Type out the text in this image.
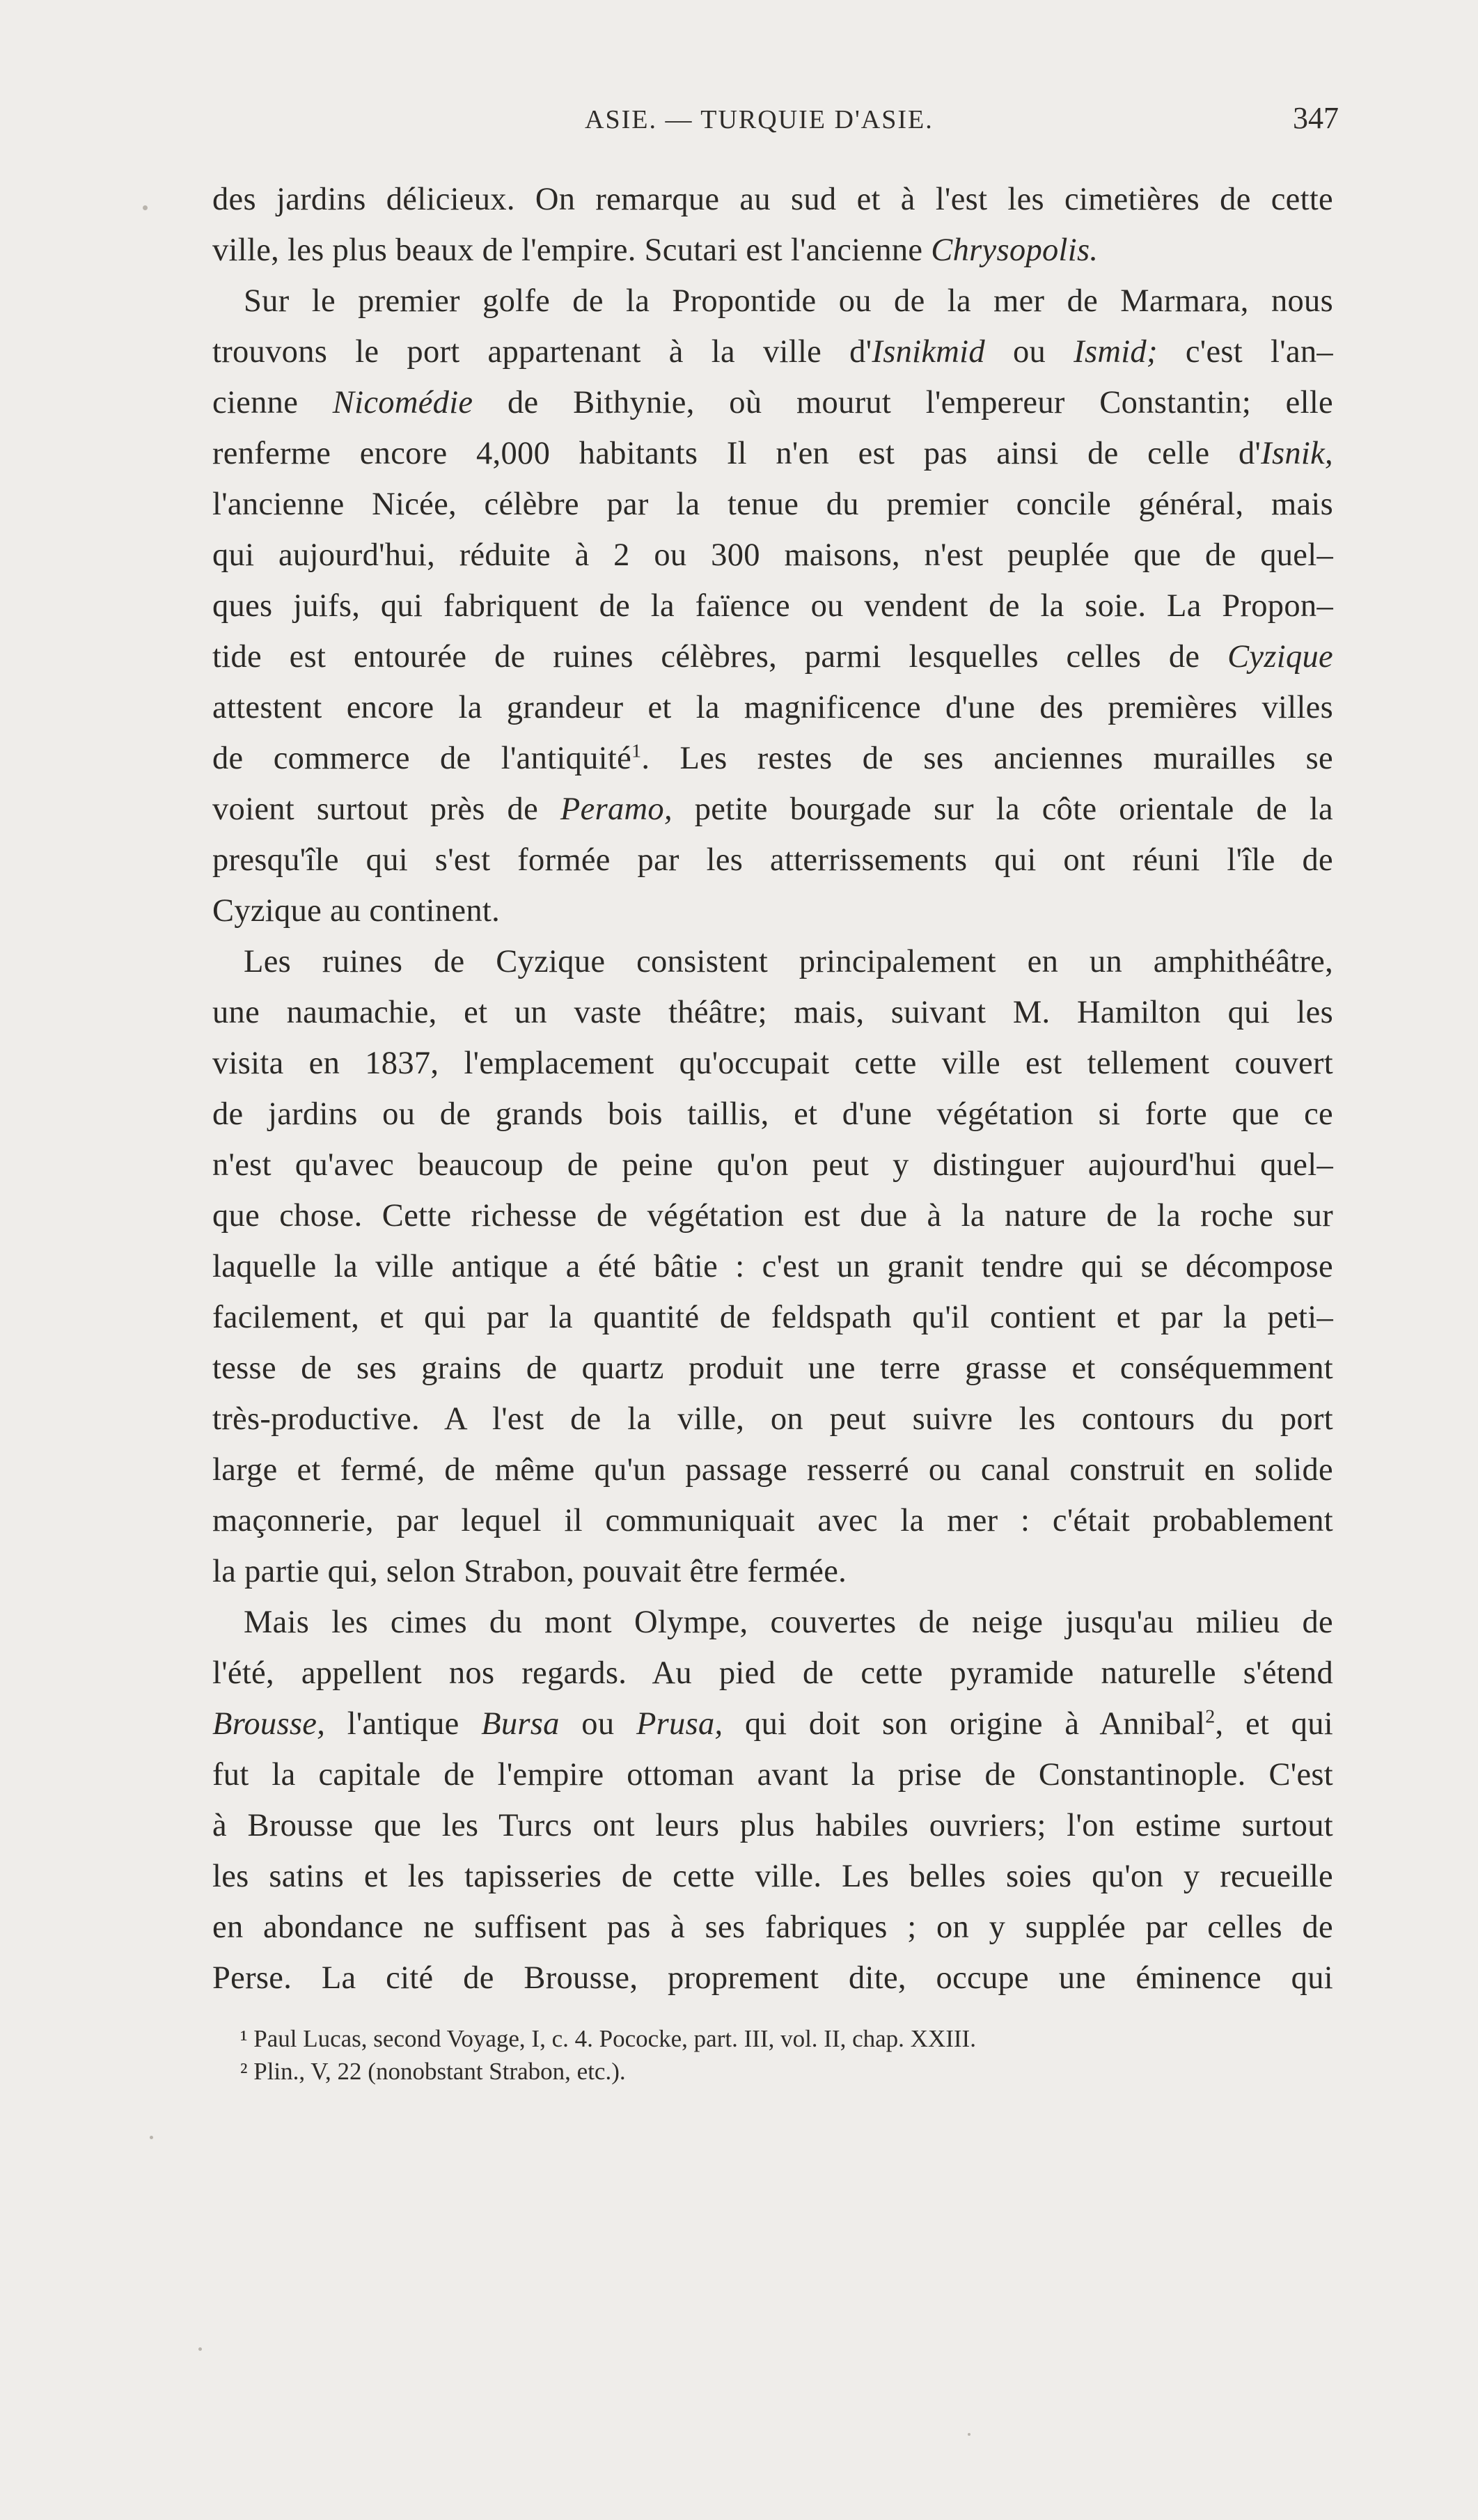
ASIE. — TURQUIE D'ASIE.	347
des jardins délicieux. On remarque au sud et à l'est les cimetières de cette
ville, les plus beaux de l'empire. Scutari est l'ancienne Chrysopolis.
Sur le premier golfe de la Propontide ou de la mer de Marmara, nous
trouvons le port appartenant à la ville d'Isnikmid ou Ismid; c'est l'an–
cienne Nicomédie de Bithynie, où mourut l'empereur Constantin; elle
renferme encore 4,000 habitants Il n'en est pas ainsi de celle d'Isnik,
l'ancienne Nicée, célèbre par la tenue du premier concile général, mais
qui aujourd'hui, réduite à 2 ou 300 maisons, n'est peuplée que de quel–
ques juifs, qui fabriquent de la faïence ou vendent de la soie. La Propon–
tide est entourée de ruines célèbres, parmi lesquelles celles de Cyzique
attestent encore la grandeur et la magnificence d'une des premières villes
de commerce de l'antiquité$^1$. Les restes de ses anciennes murailles se
voient surtout près de Peramo, petite bourgade sur la côte orientale de la
presqu'île qui s'est formée par les atterrissements qui ont réuni l'île de
Cyzique au continent.
Les ruines de Cyzique consistent principalement en un amphithéâtre,
une naumachie, et un vaste théâtre; mais, suivant M. Hamilton qui les
visita en 1837, l'emplacement qu'occupait cette ville est tellement couvert
de jardins ou de grands bois taillis, et d'une végétation si forte que ce
n'est qu'avec beaucoup de peine qu'on peut y distinguer aujourd'hui quel–
que chose. Cette richesse de végétation est due à la nature de la roche sur
laquelle la ville antique a été bâtie : c'est un granit tendre qui se décompose
facilement, et qui par la quantité de feldspath qu'il contient et par la peti–
tesse de ses grains de quartz produit une terre grasse et conséquemment
très-productive. A l'est de la ville, on peut suivre les contours du port
large et fermé, de même qu'un passage resserré ou canal construit en solide
maçonnerie, par lequel il communiquait avec la mer : c'était probablement
la partie qui, selon Strabon, pouvait être fermée.
Mais les cimes du mont Olympe, couvertes de neige jusqu'au milieu de
l'été, appellent nos regards. Au pied de cette pyramide naturelle s'étend
Brousse, l'antique Bursa ou Prusa, qui doit son origine à Annibal$^2$, et qui
fut la capitale de l'empire ottoman avant la prise de Constantinople. C'est
à Brousse que les Turcs ont leurs plus habiles ouvriers; l'on estime surtout
les satins et les tapisseries de cette ville. Les belles soies qu'on y recueille
en abondance ne suffisent pas à ses fabriques ; on y supplée par celles de
Perse. La cité de Brousse, proprement dite, occupe une éminence qui
¹ Paul Lucas, second Voyage, I, c. 4. Pococke, part. III, vol. II, chap. XXIII.
² Plin., V, 22 (nonobstant Strabon, etc.).
